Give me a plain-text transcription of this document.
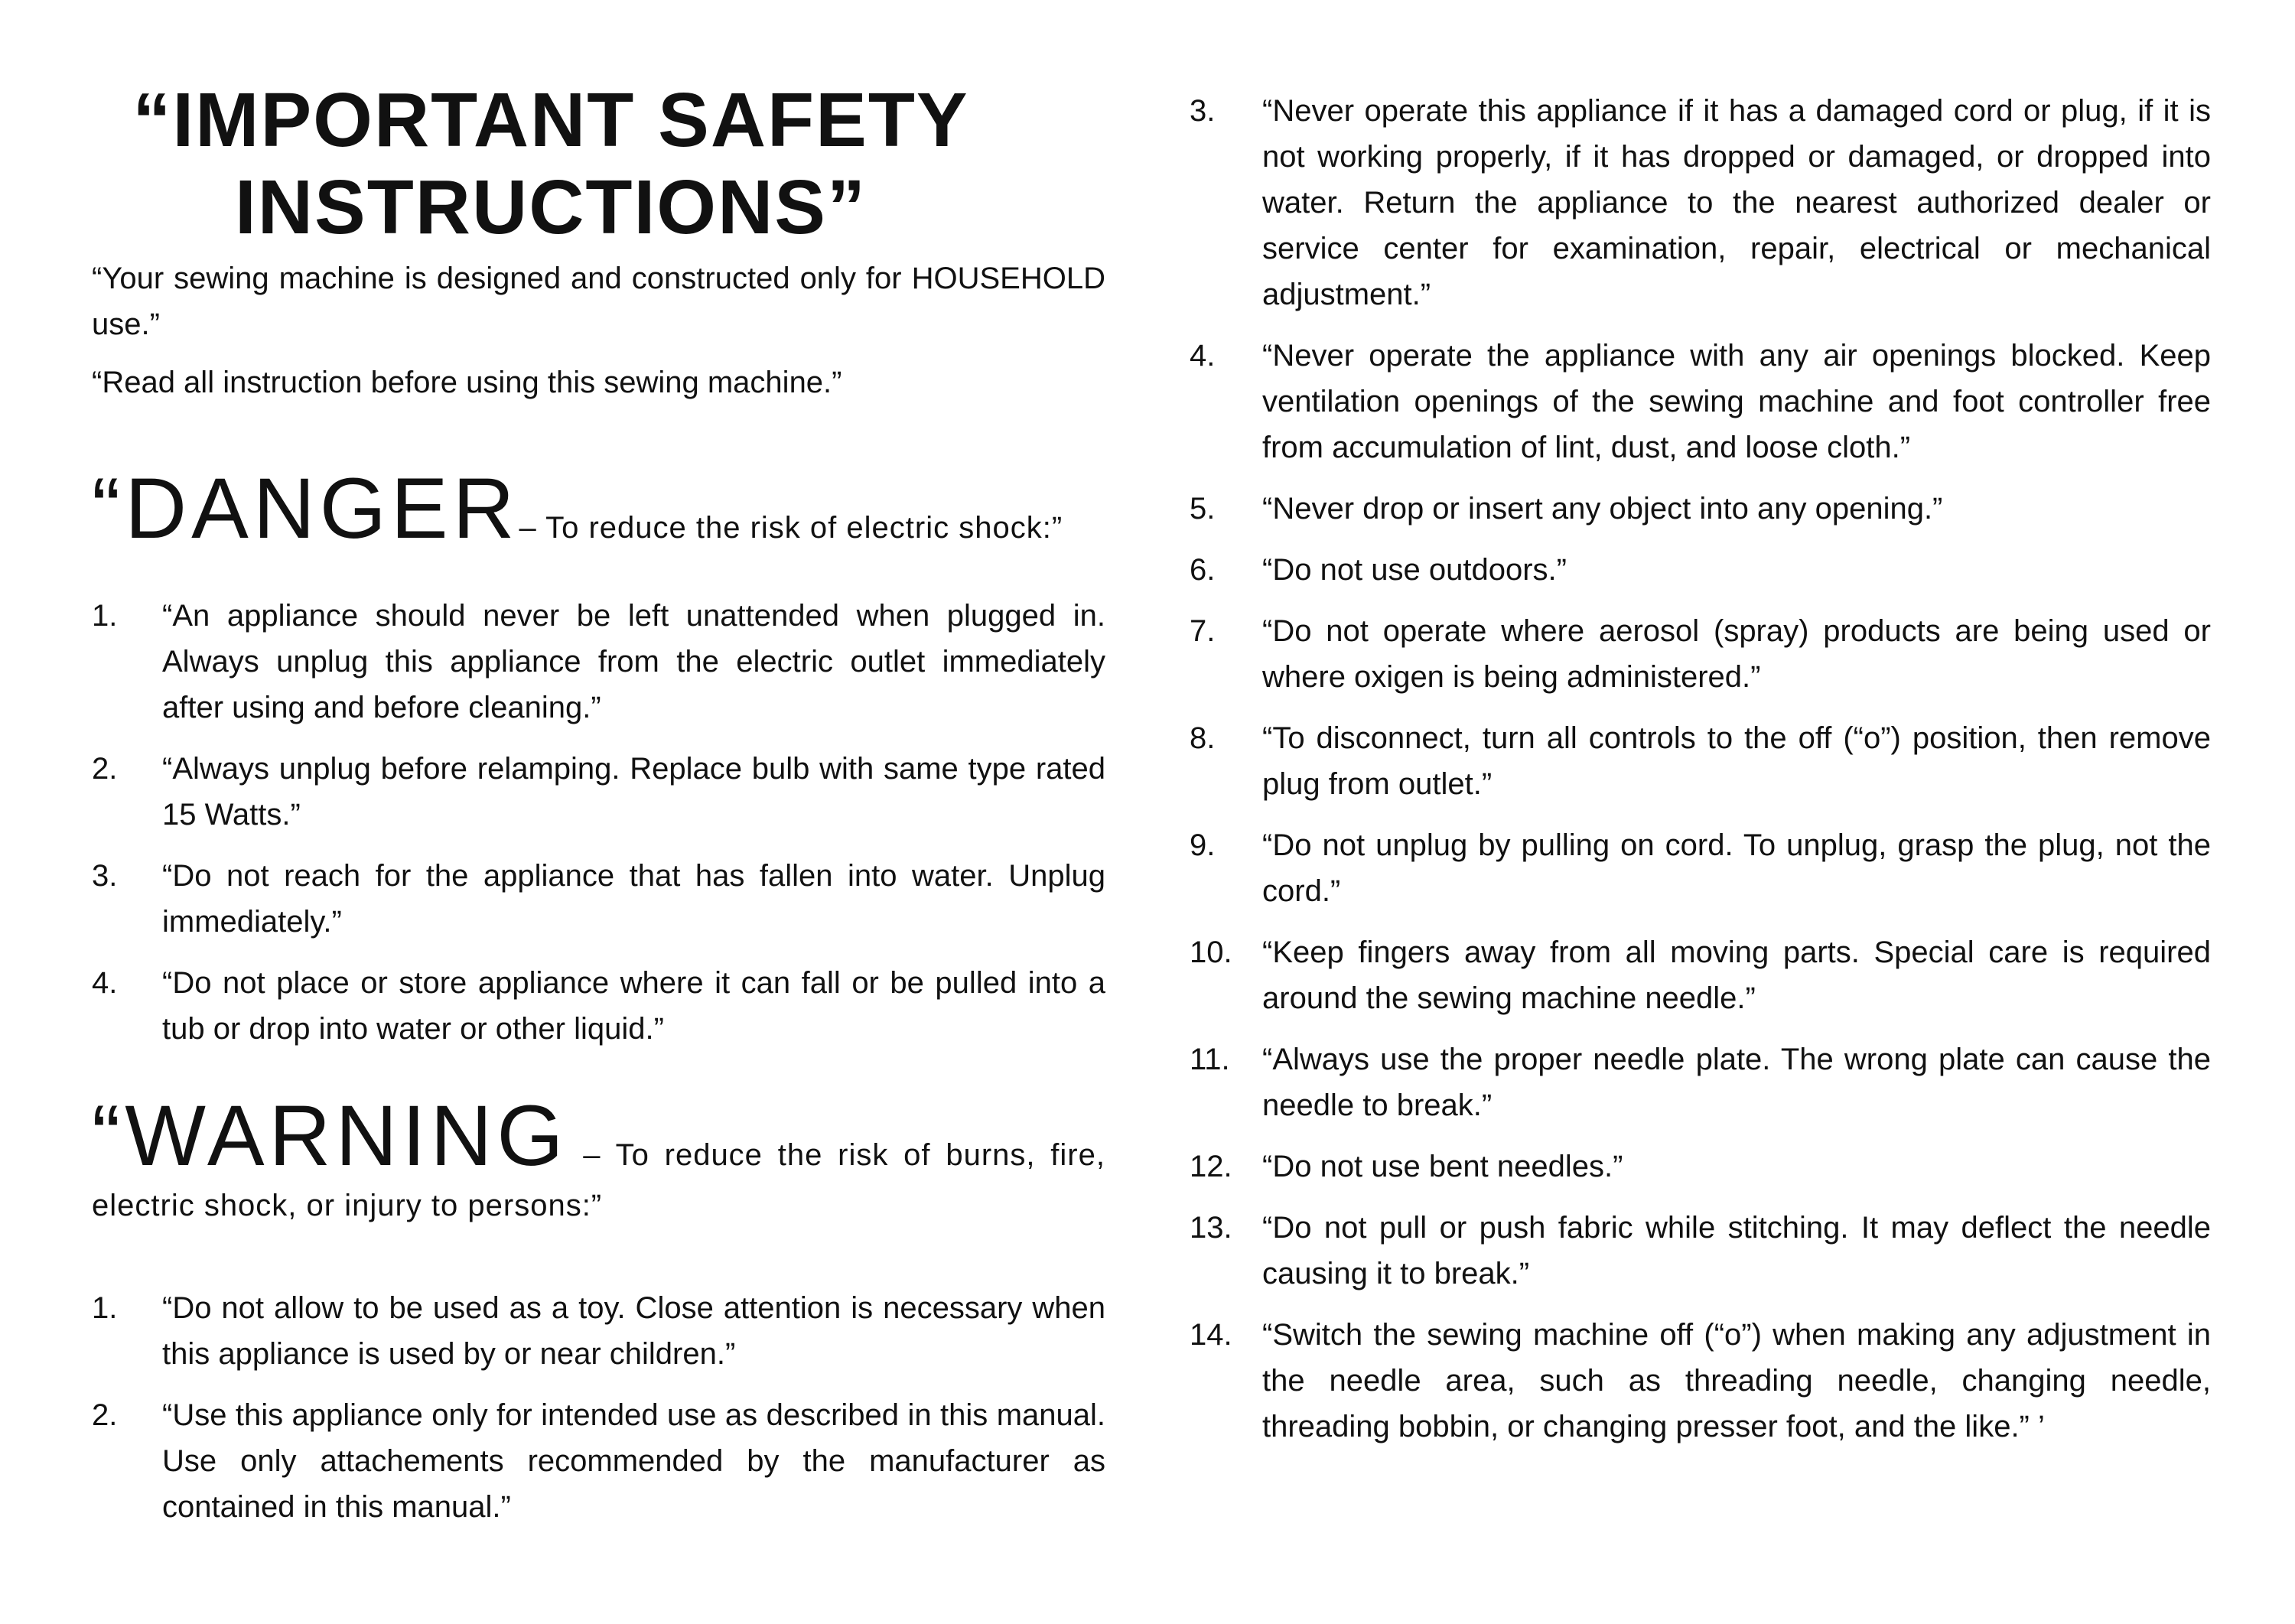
“IMPORTANT SAFETY INSTRUCTIONS”

“Your sewing machine is designed and constructed only for HOUSEHOLD use.”

“Read all instruction before using this sewing machine.”

“DANGER– To reduce the risk of electric shock:”

1.	“An appliance should never be left unattended when plugged in. Always unplug this appliance from the electric outlet immediately after using and before cleaning.”
2.	“Always unplug before relamping. Replace bulb with same type rated 15 Watts.”
3.	“Do not reach for the appliance that has fallen into water. Unplug immediately.”
4.	“Do not place or store appliance where it can fall or be pulled into a tub or drop into water or other liquid.”

“WARNING – To reduce the risk of burns, fire, electric shock, or injury to persons:”

1.	“Do not allow to be used as a toy. Close attention is necessary when this appliance is used by or near children.”
2.	“Use this appliance only for intended use as described in this manual. Use only attachements recommended by the manufacturer as contained in this manual.”
3.	“Never operate this appliance if it has a damaged cord or plug, if it is not working properly, if it has dropped or damaged, or dropped into water. Return the appliance to the nearest authorized dealer or service center for examination, repair, electrical or mechanical adjustment.”
4.	“Never operate the appliance with any air openings blocked. Keep ventilation openings of the sewing machine and foot controller free from accumulation of lint, dust, and loose cloth.”
5.	“Never drop or insert any object into any opening.”
6.	“Do not use outdoors.”
7.	“Do not operate where aerosol (spray) products are being used or where oxigen is being administered.”
8.	“To disconnect, turn all controls to the off (“o”) position, then remove plug from outlet.”
9.	“Do not unplug by pulling on cord. To unplug, grasp the plug, not the cord.”
10. “Keep fingers away from all moving parts. Special care is required around the sewing machine needle.”
11.	“Always use the proper needle plate. The wrong plate can cause the needle to break.”
12. “Do not use bent needles.”
13. “Do not pull or push fabric while stitching. It may deflect the needle causing it to break.”
14. “Switch the sewing machine off (“o”) when making any adjustment in the needle area, such as threading needle, changing needle, threading bobbin, or changing presser foot, and the like.” ’
